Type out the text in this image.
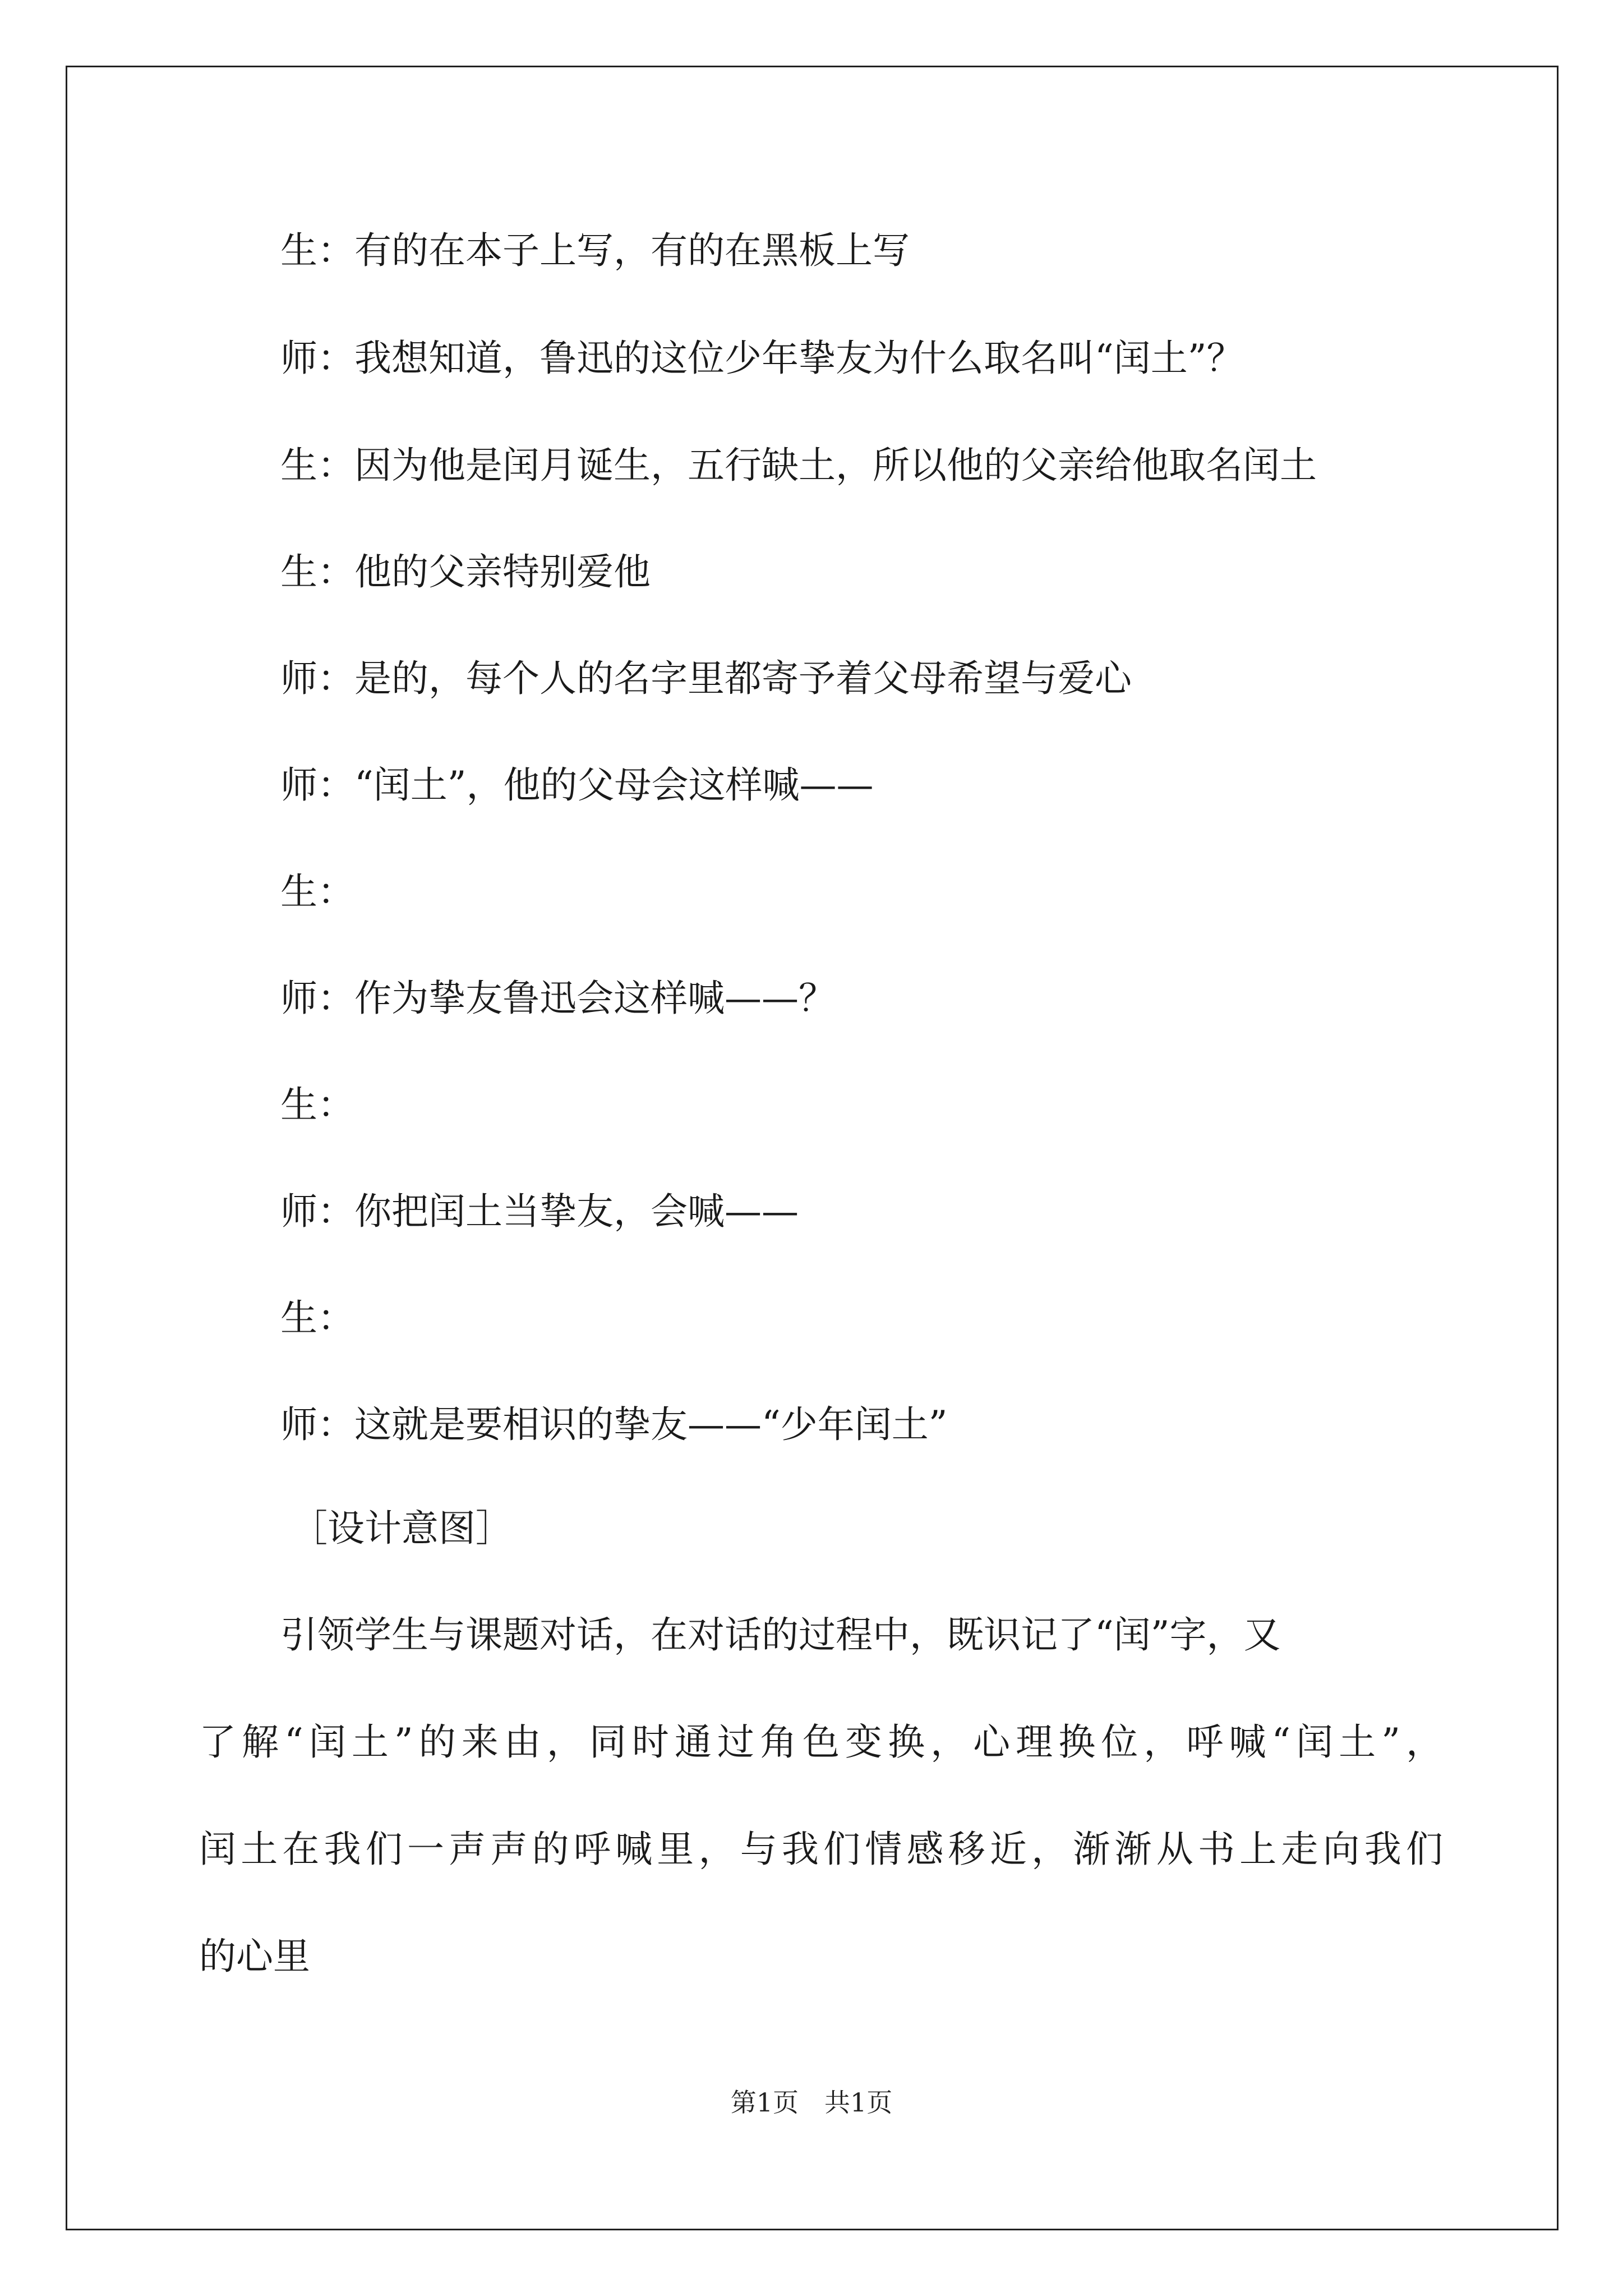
生：有的在本子上写，有的在黑板上写
师：我想知道，鲁迅的这位少年挚友为什么取名叫“闰土”？
生：因为他是闰月诞生，五行缺土，所以他的父亲给他取名闰土
生：他的父亲特别爱他
师：是的，每个人的名字里都寄予着父母希望与爱心
师：“闰土”，他的父母会这样喊——
生：
师：作为挚友鲁迅会这样喊——？
生：
师：你把闰土当挚友，会喊——
生：
师：这就是要相识的挚友——“少年闰土”
［设计意图］
引领学生与课题对话，在对话的过程中，既识记了“闰”字，又
了解“闰土”的来由，同时通过角色变换，心理换位，呼喊“闰土”，
闰土在我们一声声的呼喊里，与我们情感移近，渐渐从书上走向我们
的心里
第1页　共1页
